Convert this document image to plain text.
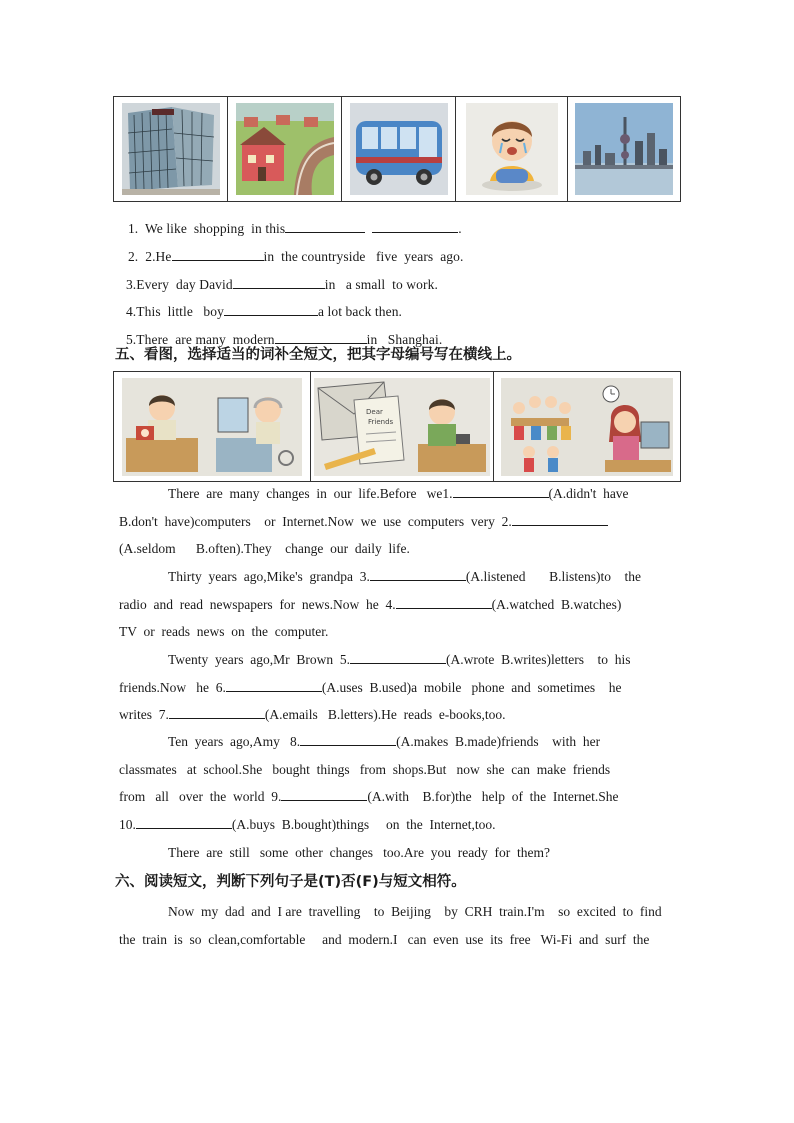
1. We like  shopping  in this	.

2. 2.He	in  the countryside   five  years  ago.

3.Every  day David	in   a small  to work.

4.This  little   boy	a lot back then.

5.There  are many  modern	in   Shanghai.

五、看图，选择适当的词补全短文，把其字母编号写在横线上。
Dear
Friends
There  are  many  changes  in  our  life.Before   we1.	(A.didn't  have
B.don't  have)computers    or  Internet.Now  we  use  computers  very  2.
(A.seldom      B.often).They    change  our  daily  life.
Thirty  years  ago,Mike's  grandpa  3.	(A.listened       B.listens)to    the
radio  and  read  newspapers  for  news.Now  he  4.	(A.watched  B.watches)
TV  or  reads  news  on  the  computer.
Twenty  years  ago,Mr  Brown  5.	(A.wrote  B.writes)letters    to  his
friends.Now   he  6.	(A.uses  B.used)a  mobile   phone  and  sometimes    he
writes  7.	(A.emails   B.letters).He  reads  e-books,too.
Ten  years  ago,Amy   8.	(A.makes  B.made)friends    with  her
classmates   at  school.She   bought  things   from  shops.But   now  she  can  make  friends
from   all   over  the  world  9.	(A.with    B.for)the   help  of  the  Internet.She
10.	(A.buys  B.bought)things     on  the  Internet,too.
There  are  still   some  other  changes   too.Are  you  ready  for  them?
六、阅读短文，判断下列句子是(T)否(F)与短文相符。
Now  my  dad  and  I are  travelling    to  Beijing    by  CRH  train.I'm    so  excited  to  find
the  train  is  so  clean,comfortable     and  modern.I   can  even  use  its  free   Wi-Fi  and  surf  the
